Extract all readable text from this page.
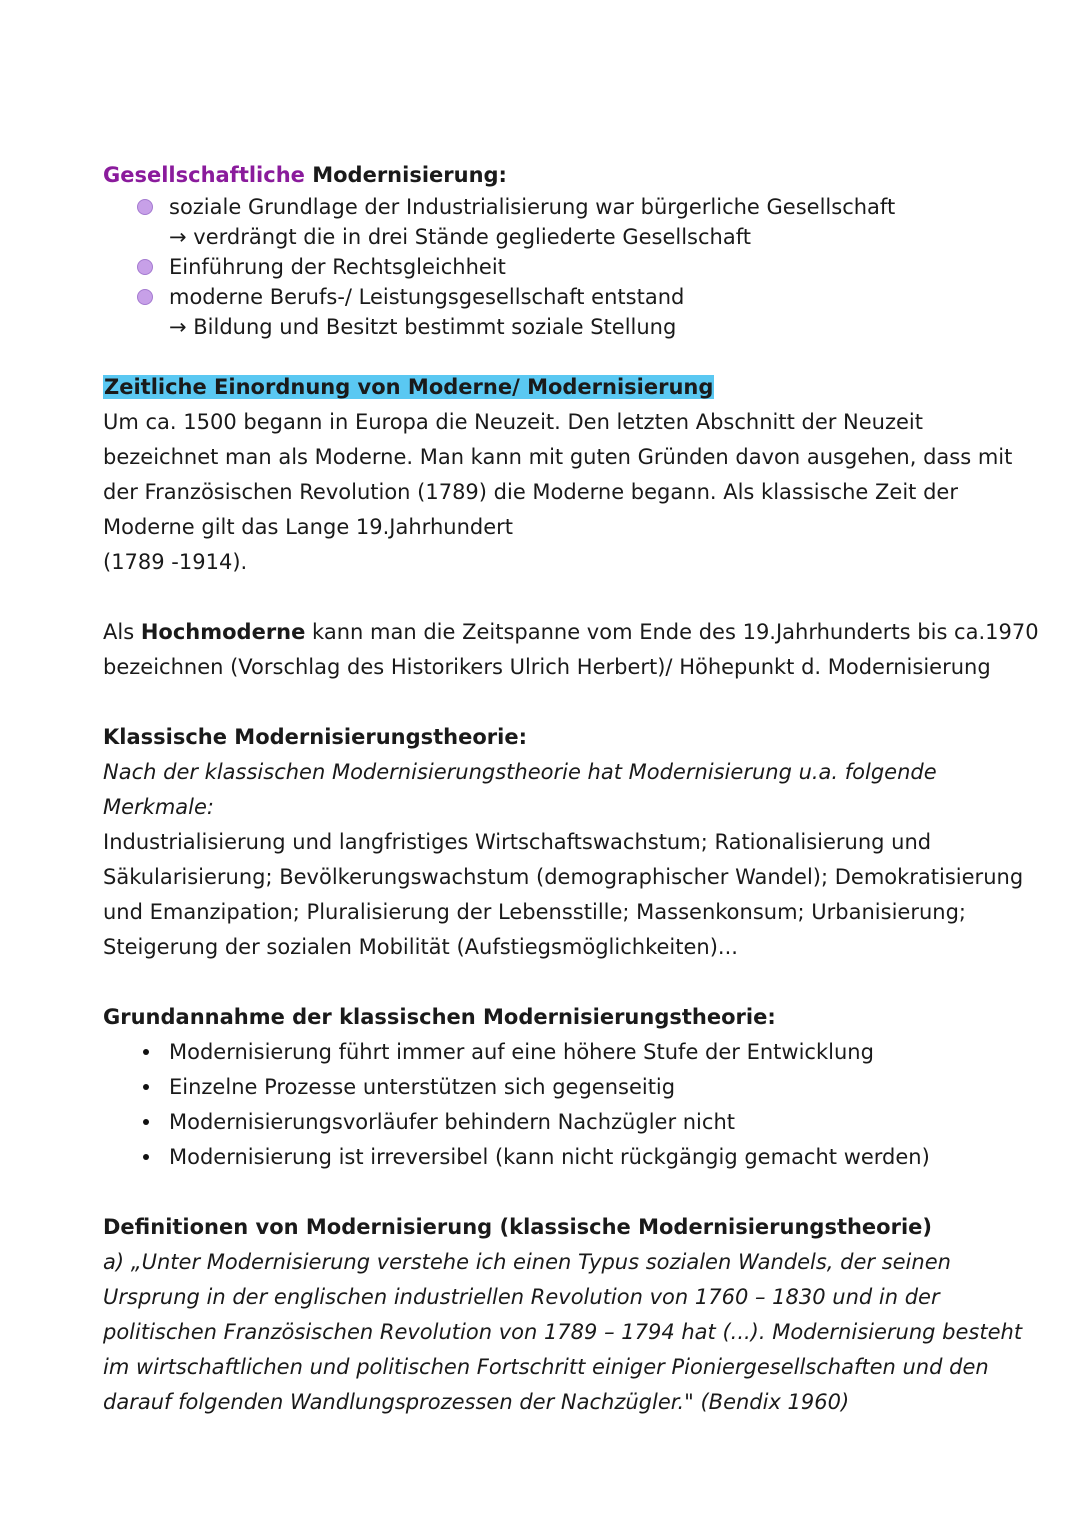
Gesellschaftliche Modernisierung:
soziale Grundlage der Industrialisierung war bürgerliche Gesellschaft
→ verdrängt die in drei Stände gegliederte Gesellschaft
Einführung der Rechtsgleichheit
moderne Berufs-/ Leistungsgesellschaft entstand
→ Bildung und Besitzt bestimmt soziale Stellung
Zeitliche Einordnung von Moderne/ Modernisierung
Um ca. 1500 begann in Europa die Neuzeit. Den letzten Abschnitt der Neuzeit
bezeichnet man als Moderne. Man kann mit guten Gründen davon ausgehen, dass mit
der Französischen Revolution (1789) die Moderne begann. Als klassische Zeit der
Moderne gilt das Lange 19.Jahrhundert
(1789 -1914).
Als Hochmoderne kann man die Zeitspanne vom Ende des 19.Jahrhunderts bis ca.1970
bezeichnen (Vorschlag des Historikers Ulrich Herbert)/ Höhepunkt d. Modernisierung
Klassische Modernisierungstheorie:
Nach der klassischen Modernisierungstheorie hat Modernisierung u.a. folgende
Merkmale:
Industrialisierung und langfristiges Wirtschaftswachstum; Rationalisierung und
Säkularisierung; Bevölkerungswachstum (demographischer Wandel); Demokratisierung
und Emanzipation; Pluralisierung der Lebensstille; Massenkonsum; Urbanisierung;
Steigerung der sozialen Mobilität (Aufstiegsmöglichkeiten)...
Grundannahme der klassischen Modernisierungstheorie:
Modernisierung führt immer auf eine höhere Stufe der Entwicklung
Einzelne Prozesse unterstützen sich gegenseitig
Modernisierungsvorläufer behindern Nachzügler nicht
Modernisierung ist irreversibel (kann nicht rückgängig gemacht werden)
Definitionen von Modernisierung (klassische Modernisierungstheorie)
a) „Unter Modernisierung verstehe ich einen Typus sozialen Wandels, der seinen
Ursprung in der englischen industriellen Revolution von 1760 – 1830 und in der
politischen Französischen Revolution von 1789 – 1794 hat (...). Modernisierung besteht
im wirtschaftlichen und politischen Fortschritt einiger Pioniergesellschaften und den
darauf folgenden Wandlungsprozessen der Nachzügler." (Bendix 1960)
